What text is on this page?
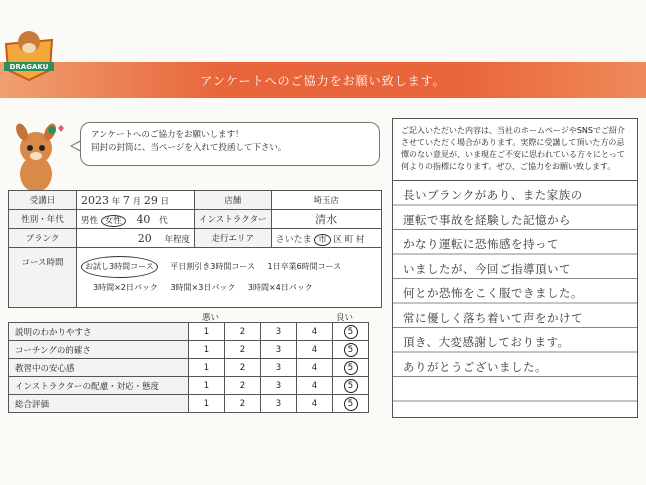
アンケートへのご協力をお願い致します。
DRAGAKU
アンケートへのご協力をお願いします！
同封の封筒に、当ページを入れて投函して下さい。
受講日	2023 年 7 月 29 日	店舗	埼玉店
性別・年代	男性 女性 40 代	インストラクター	清水
ブランク	20 年程度	走行エリア	さいたま 市 区 町 村
コース時間	お試し3時間コース 平日割引き3時間コース 1日卒業6時間コース
3時間×2日パック 3時間×3日パック 3時間×4日パック		
悪い	良い
説明のわかりやすさ	1	2	3	4	5
コーチングの的確さ	1	2	3	4	5
教習中の安心感	1	2	3	4	5
インストラクターの配慮・対応・態度	1	2	3	4	5
総合評価	1	2	3	4	5
ご記入いただいた内容は、当社のホームページやSNSでご紹介させていただく場合があります。実際に受講して頂いた方の忌憚のない意見が、いま現在ご不安に思われている方々にとって何よりの指標になります。ぜひ、ご協力をお願い致します。
長いブランクがあり、また家族の
運転で事故を経験した記憶から
かなり運転に恐怖感を持って
いましたが、今回ご指導頂いて
何とか恐怖をこく服できました。
常に優しく落ち着いて声をかけて
頂き、大変感謝しております。
ありがとうございました。
